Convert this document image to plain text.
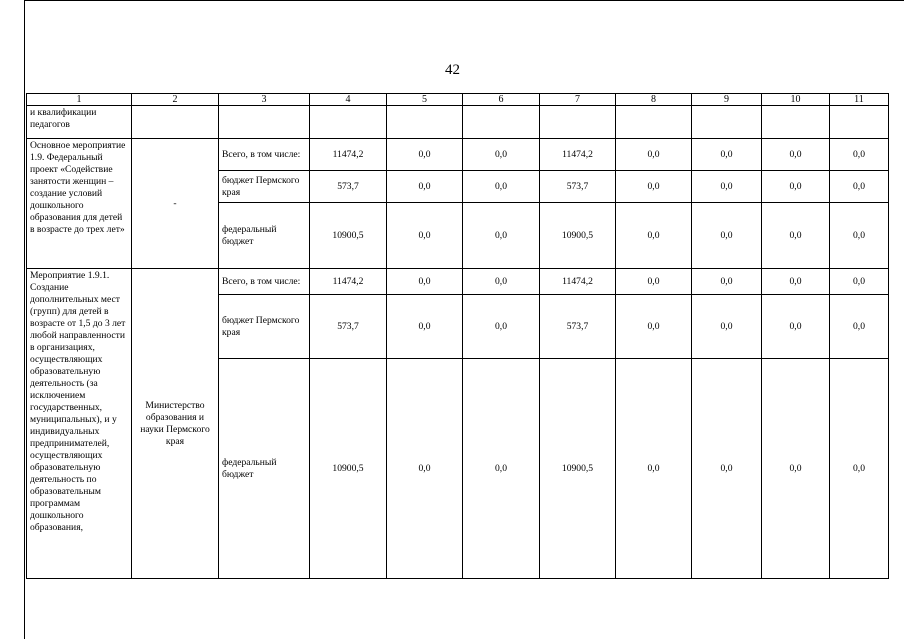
42
1	2	3	4	5	6	7	8	9	10	11
и квалификации педагогов										
Основное мероприятие 1.9. Федеральный проект «Содействие занятости женщин – создание условий дошкольного образования для детей в возрасте до трех лет»	-	Всего, в том числе:	11474,2	0,0	0,0	11474,2	0,0	0,0	0,0	0,0
		бюджет Пермского края	573,7	0,0	0,0	573,7	0,0	0,0	0,0	0,0
		федеральный бюджет	10900,5	0,0	0,0	10900,5	0,0	0,0	0,0	0,0
Мероприятие 1.9.1. Создание дополнительных мест (групп) для детей в возрасте от 1,5 до 3 лет любой направленности в организациях, осуществляющих образовательную деятельность (за исключением государственных, муниципальных), и у индивидуальных предпринимателей, осуществляющих образовательную деятельность по образовательным программам дошкольного образования,	Министерство образования и науки Пермского края	Всего, в том числе:	11474,2	0,0	0,0	11474,2	0,0	0,0	0,0	0,0
		бюджет Пермского края	573,7	0,0	0,0	573,7	0,0	0,0	0,0	0,0
		федеральный бюджет	10900,5	0,0	0,0	10900,5	0,0	0,0	0,0	0,0
